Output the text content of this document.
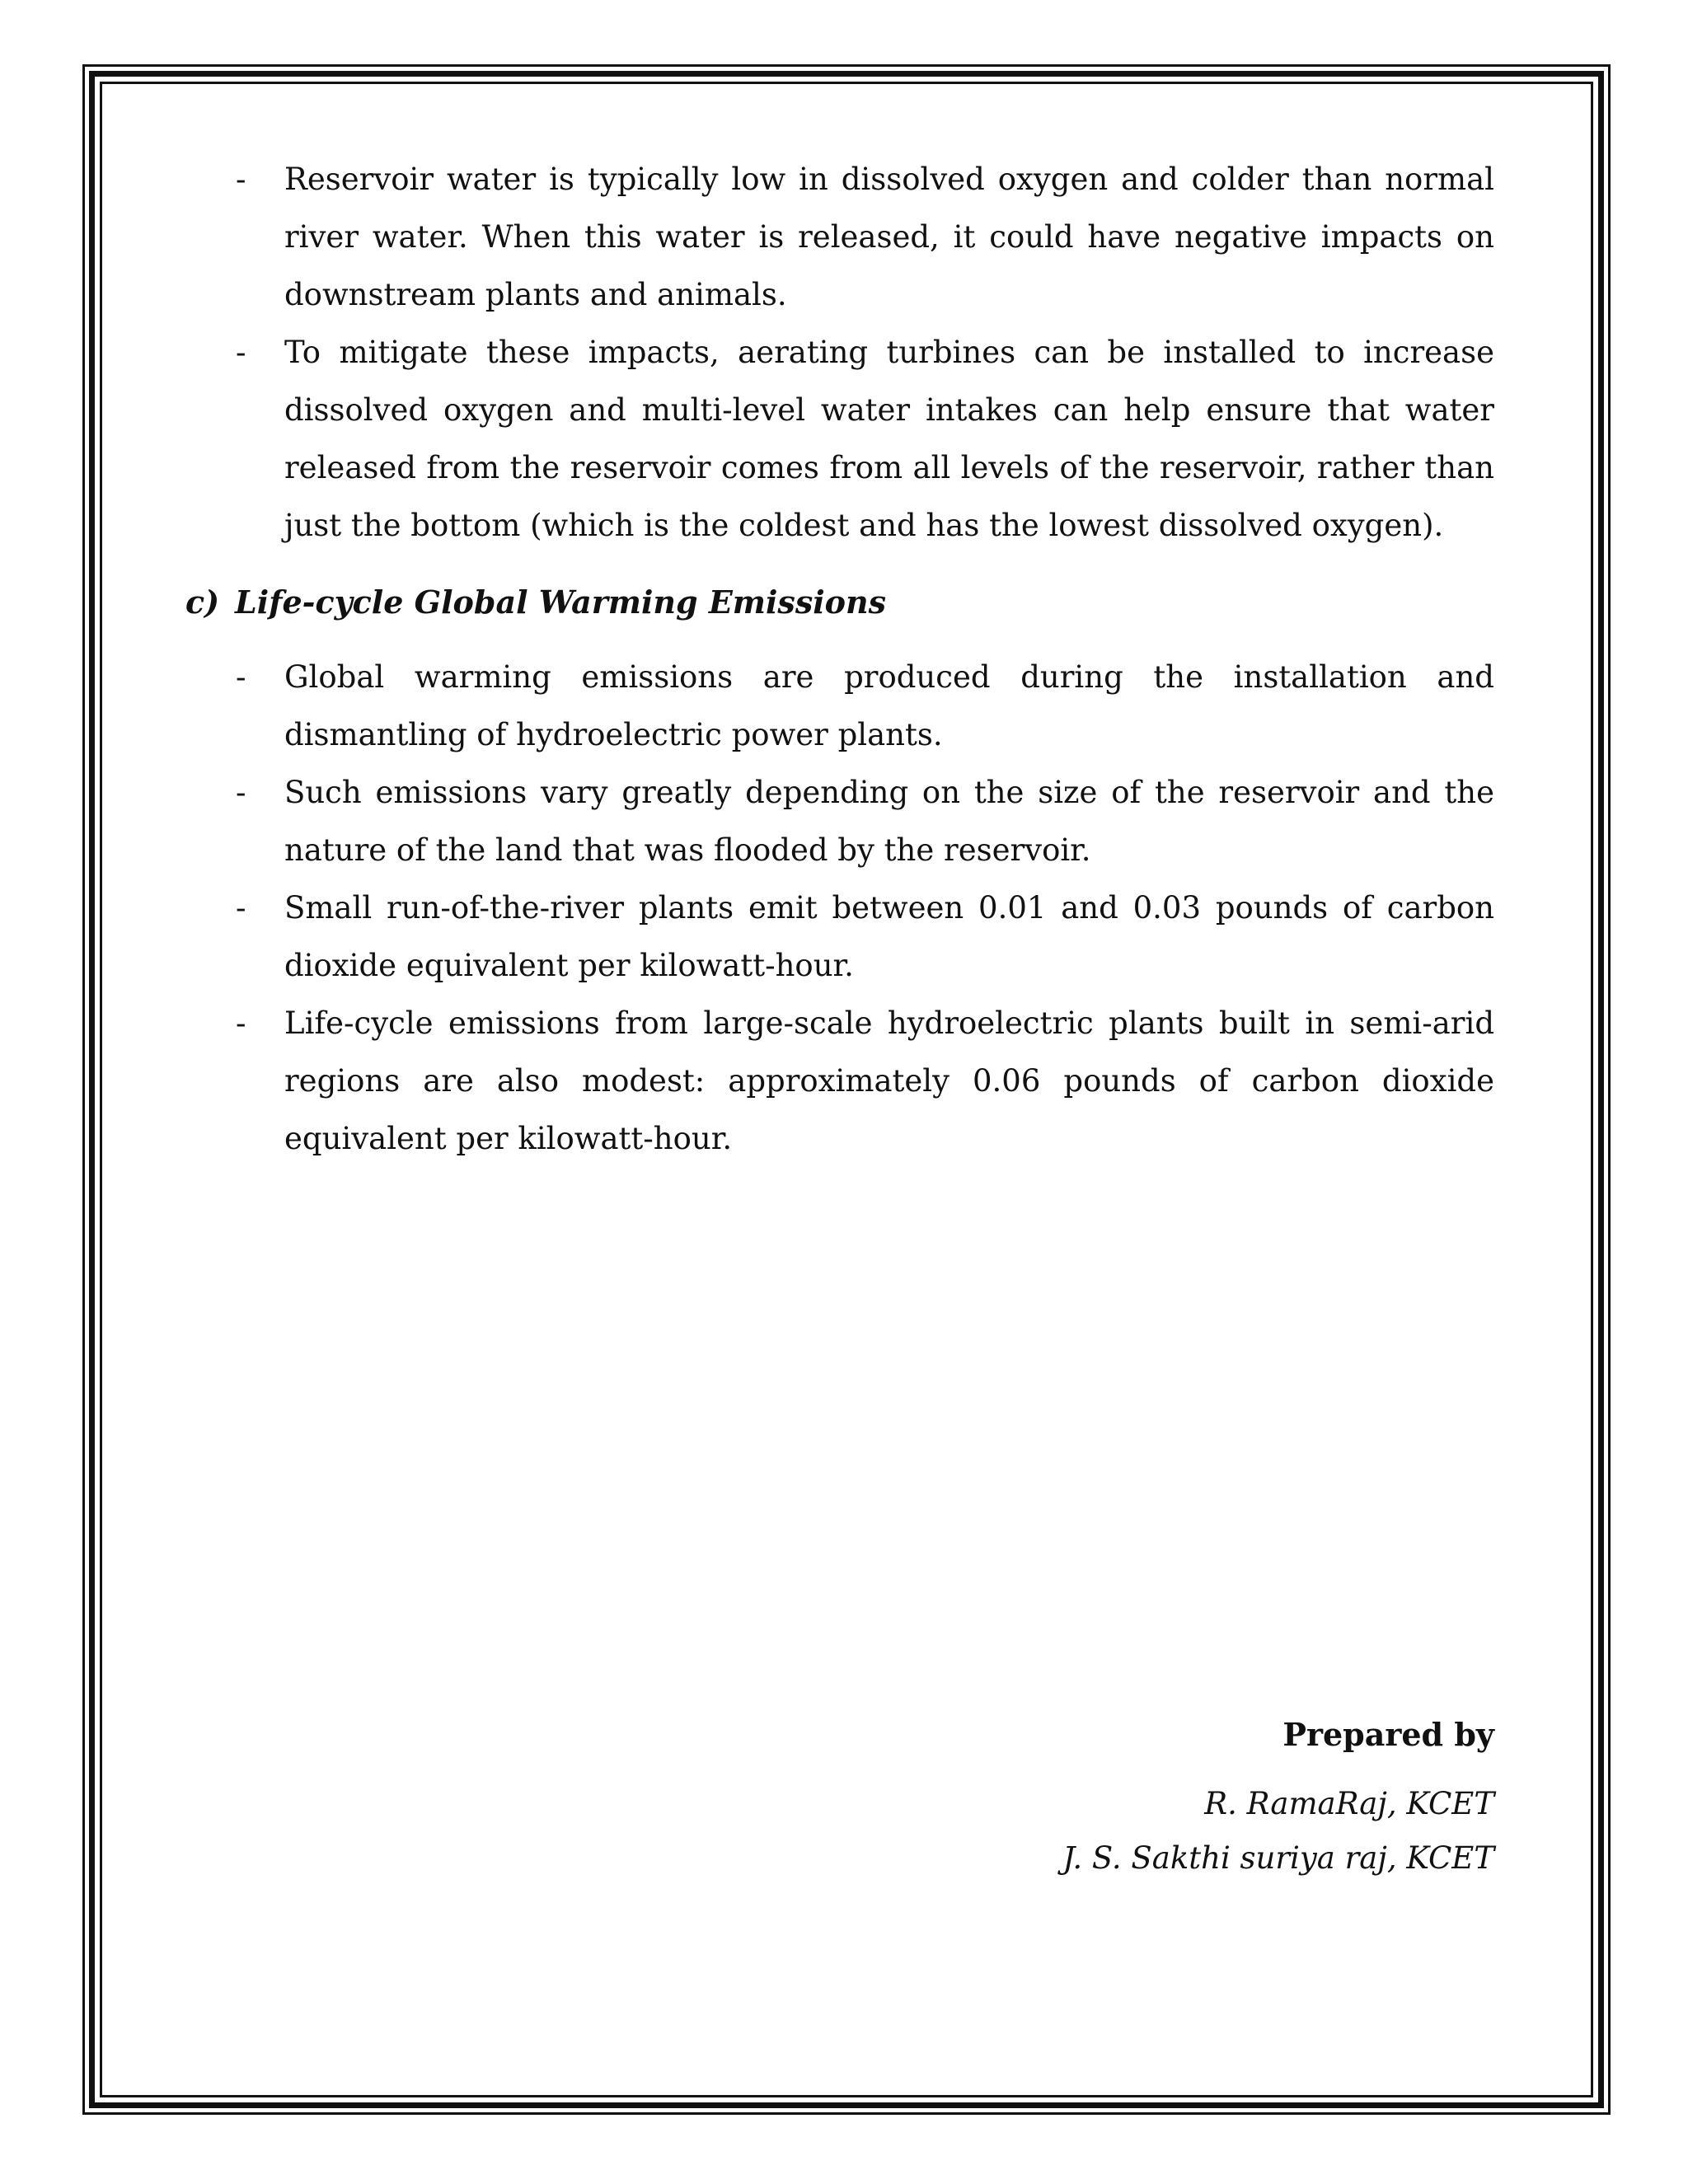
- Reservoir water is typically low in dissolved oxygen and colder than normal river water. When this water is released, it could have negative impacts on downstream plants and animals.
- To mitigate these impacts, aerating turbines can be installed to increase dissolved oxygen and multi-level water intakes can help ensure that water released from the reservoir comes from all levels of the reservoir, rather than just the bottom (which is the coldest and has the lowest dissolved oxygen).
c) Life-cycle Global Warming Emissions
- Global warming emissions are produced during the installation and dismantling of hydroelectric power plants.
- Such emissions vary greatly depending on the size of the reservoir and the nature of the land that was flooded by the reservoir.
- Small run-of-the-river plants emit between 0.01 and 0.03 pounds of carbon dioxide equivalent per kilowatt-hour.
- Life-cycle emissions from large-scale hydroelectric plants built in semi-arid regions are also modest: approximately 0.06 pounds of carbon dioxide equivalent per kilowatt-hour.

Prepared by

R. RamaRaj, KCET

J. S. Sakthi suriya raj, KCET
